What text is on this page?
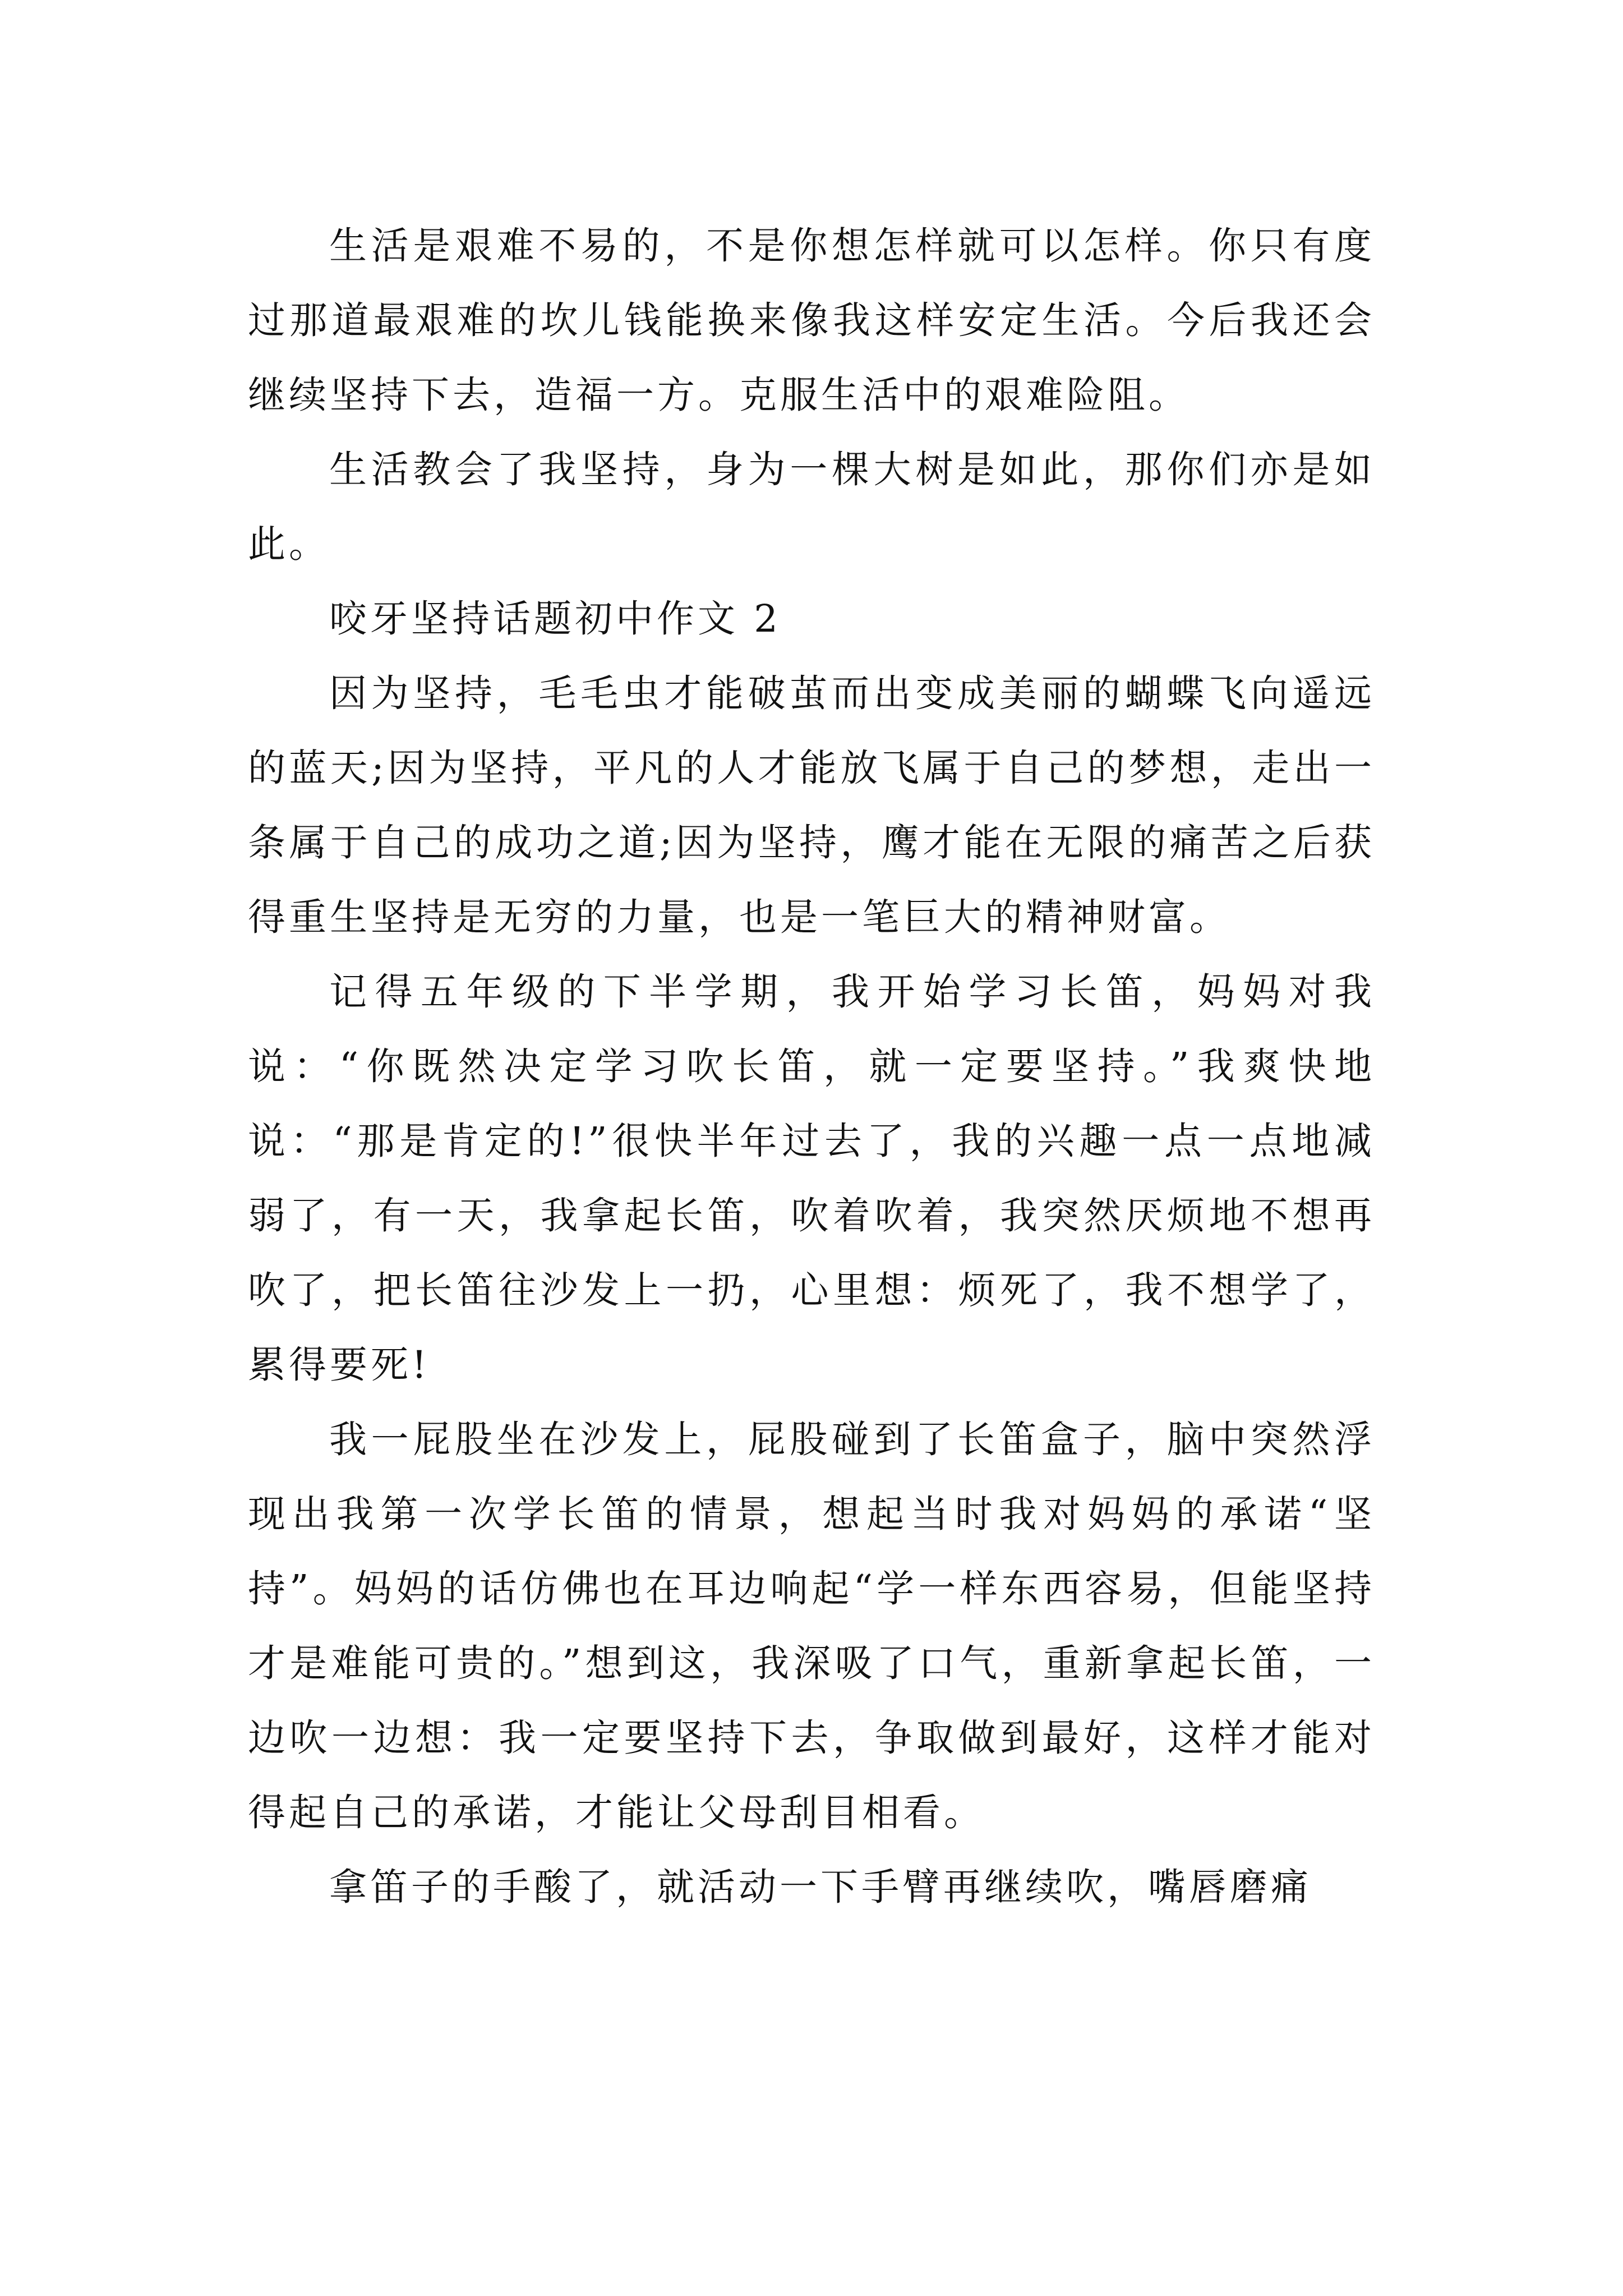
生活是艰难不易的，不是你想怎样就可以怎样。你只有度过那道最艰难的坎儿钱能换来像我这样安定生活。今后我还会继续坚持下去，造福一方。克服生活中的艰难险阻。

生活教会了我坚持，身为一棵大树是如此，那你们亦是如此。

咬牙坚持话题初中作文 2

因为坚持，毛毛虫才能破茧而出变成美丽的蝴蝶飞向遥远的蓝天;因为坚持，平凡的人才能放飞属于自己的梦想，走出一条属于自己的成功之道;因为坚持，鹰才能在无限的痛苦之后获得重生坚持是无穷的力量，也是一笔巨大的精神财富。

记得五年级的下半学期，我开始学习长笛，妈妈对我说：“你既然决定学习吹长笛，就一定要坚持。”我爽快地说：“那是肯定的!”很快半年过去了，我的兴趣一点一点地减弱了，有一天，我拿起长笛，吹着吹着，我突然厌烦地不想再吹了，把长笛往沙发上一扔，心里想：烦死了，我不想学了，累得要死!

我一屁股坐在沙发上，屁股碰到了长笛盒子，脑中突然浮现出我第一次学长笛的情景，想起当时我对妈妈的承诺“坚持”。妈妈的话仿佛也在耳边响起“学一样东西容易，但能坚持才是难能可贵的。”想到这，我深吸了口气，重新拿起长笛，一边吹一边想：我一定要坚持下去，争取做到最好，这样才能对得起自己的承诺，才能让父母刮目相看。

拿笛子的手酸了，就活动一下手臂再继续吹，嘴唇磨痛
